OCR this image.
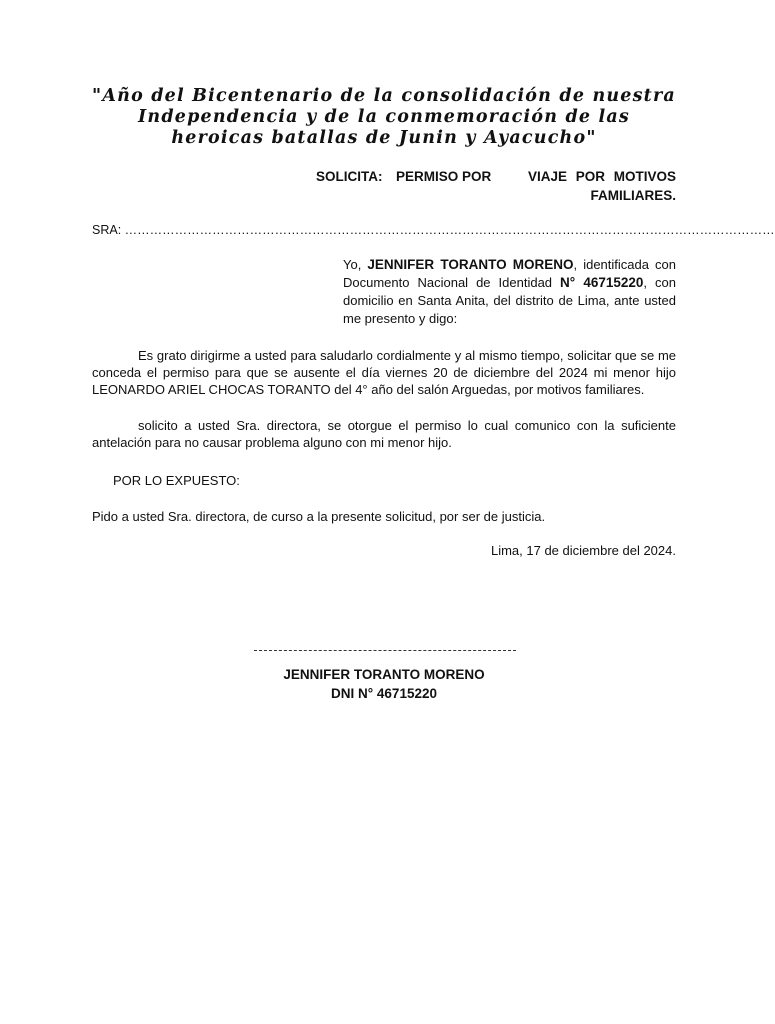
"Año del Bicentenario de la consolidación de nuestra Independencia y de la conmemoración de las heroicas batallas de Junin y Ayacucho"
SOLICITA:	PERMISO POR	VIAJE POR MOTIVOS
FAMILIARES.
SRA: …………………………………………………………………………………………………………………………………………
Yo, JENNIFER TORANTO MORENO, identificada con Documento Nacional de Identidad N° 46715220, con domicilio en Santa Anita, del distrito de Lima, ante usted me presento y digo:
Es grato dirigirme a usted para saludarlo cordialmente y al mismo tiempo, solicitar que se me conceda el permiso para que se ausente el día viernes 20 de diciembre del 2024 mi menor hijo LEONARDO ARIEL CHOCAS TORANTO del 4° año del salón Arguedas, por motivos familiares.
solicito a usted Sra. directora, se otorgue el permiso lo cual comunico con la suficiente antelación para no causar problema alguno con mi menor hijo.
POR LO EXPUESTO:
Pido a usted Sra. directora, de curso a la presente solicitud, por ser de justicia.
Lima, 17 de diciembre del 2024.
JENNIFER TORANTO MORENO
DNI N° 46715220
